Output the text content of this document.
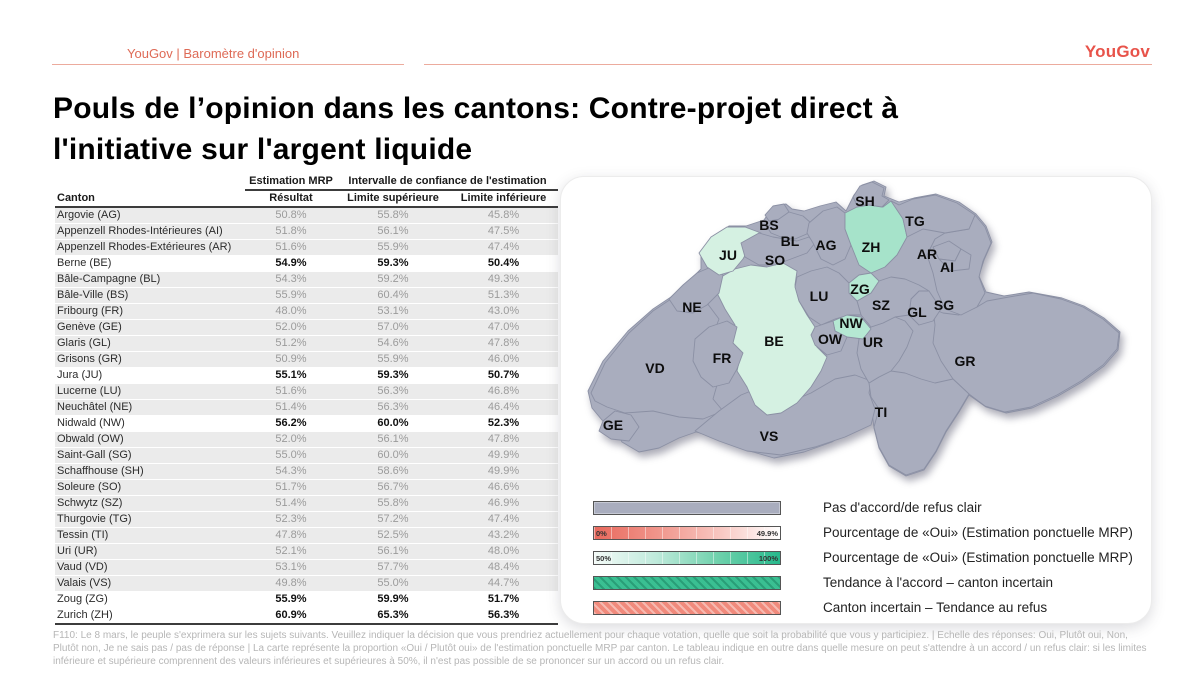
YouGov | Baromètre d'opinion	YouGov
Pouls de l’opinion dans les cantons: Contre-projet direct à
l'initiative sur l'argent liquide
	Estimation MRP	Intervalle de confiance de l'estimation	
Canton	Résultat	Limite supérieure	Limite inférieure
Argovie (AG)	50.8%	55.8%	45.8%
Appenzell Rhodes-Intérieures (AI)	51.8%	56.1%	47.5%
Appenzell Rhodes-Extérieures (AR)	51.6%	55.9%	47.4%
Berne (BE)	54.9%	59.3%	50.4%
Bâle-Campagne (BL)	54.3%	59.2%	49.3%
Bâle-Ville (BS)	55.9%	60.4%	51.3%
Fribourg (FR)	48.0%	53.1%	43.0%
Genève (GE)	52.0%	57.0%	47.0%
Glaris (GL)	51.2%	54.6%	47.8%
Grisons (GR)	50.9%	55.9%	46.0%
Jura (JU)	55.1%	59.3%	50.7%
Lucerne (LU)	51.6%	56.3%	46.8%
Neuchâtel (NE)	51.4%	56.3%	46.4%
Nidwald (NW)	56.2%	60.0%	52.3%
Obwald (OW)	52.0%	56.1%	47.8%
Saint-Gall (SG)	55.0%	60.0%	49.9%
Schaffhouse (SH)	54.3%	58.6%	49.9%
Soleure (SO)	51.7%	56.7%	46.6%
Schwytz (SZ)	51.4%	55.8%	46.9%
Thurgovie (TG)	52.3%	57.2%	47.4%
Tessin (TI)	47.8%	52.5%	43.2%
Uri (UR)	52.1%	56.1%	48.0%
Vaud (VD)	53.1%	57.7%	48.4%
Valais (VS)	49.8%	55.0%	44.7%
Zoug (ZG)	55.9%	59.9%	51.7%
Zurich (ZH)	60.9%	65.3%	56.3%
VD
VS
BE
GR
TI
SG
NE
JU
FR
SO
BS
BL AG ZH
SH
TG
AR
AI
GL
UR
SZ
ZG
LU
NW
OW
GE
Pas d'accord/de refus clair
0%	49.9%	Pourcentage de «Oui» (Estimation ponctuelle MRP)
50%	100%	Pourcentage de «Oui» (Estimation ponctuelle MRP)
Tendance à l'accord – canton incertain
Canton incertain – Tendance au refus
F110: Le 8 mars, le peuple s'exprimera sur les sujets suivants. Veuillez indiquer la décision que vous prendriez actuellement pour chaque votation, quelle que soit la probabilité que vous y participiez. | Echelle des réponses: Oui, Plutôt oui, Non, Plutôt non, Je ne sais pas / pas de réponse | La carte représente la proportion «Oui / Plutôt oui» de l'estimation ponctuelle MRP par canton. Le tableau indique en outre dans quelle mesure on peut s'attendre à un accord / un refus clair: si les limites inférieure et supérieure comprennent des valeurs inférieures et supérieures à 50%, il n'est pas possible de se prononcer sur un accord ou un refus clair.
